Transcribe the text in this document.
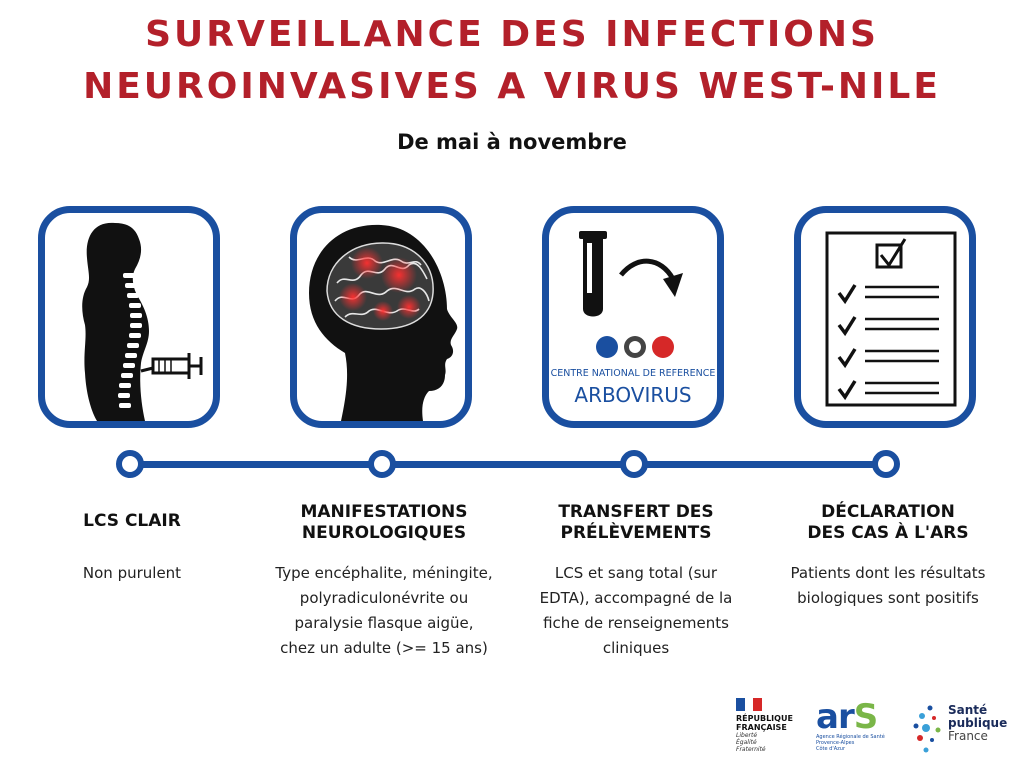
SURVEILLANCE DES INFECTIONS
NEUROINVASIVES A VIRUS WEST-NILE
De mai à novembre
CENTRE NATIONAL DE REFERENCE
ARBOVIRUS
LCS CLAIR	MANIFESTATIONS
NEUROLOGIQUES
TRANSFERT DES
PRÉLÈVEMENTS
DÉCLARATION
DES CAS À L'ARS
Non purulent	Type encéphalite, méningite,
polyradiculonévrite ou
paralysie flasque aigüe,
chez un adulte (>= 15 ans)
LCS et sang total (sur
EDTA), accompagné de la
fiche de renseignements
cliniques
Patients dont les résultats
biologiques sont positifs
RÉPUBLIQUE
FRANÇAISE
Liberté
Égalité
Fraternité
arS
Agence Régionale de Santé
Provence-Alpes
Côte d'Azur
Santé
publique
France
